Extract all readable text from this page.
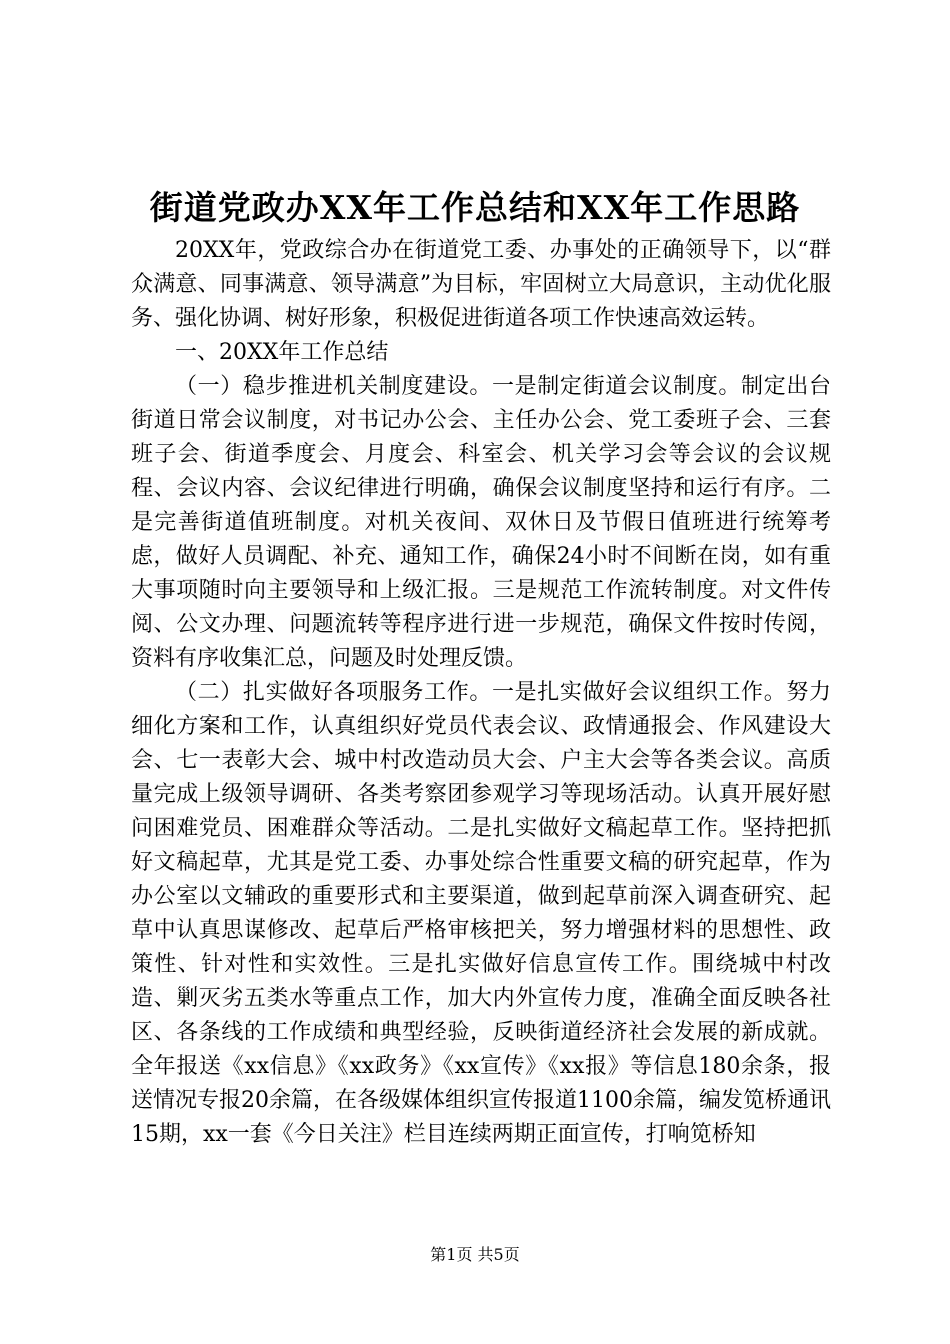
街道党政办XX年工作总结和XX年工作思路

20XX年，党政综合办在街道党工委、办事处的正确领导下，以“群众满意、同事满意、领导满意”为目标，牢固树立大局意识，主动优化服务、强化协调、树好形象，积极促进街道各项工作快速高效运转。

一、20XX年工作总结

（一）稳步推进机关制度建设。一是制定街道会议制度。制定出台街道日常会议制度，对书记办公会、主任办公会、党工委班子会、三套班子会、街道季度会、月度会、科室会、机关学习会等会议的会议规程、会议内容、会议纪律进行明确，确保会议制度坚持和运行有序。二是完善街道值班制度。对机关夜间、双休日及节假日值班进行统筹考虑，做好人员调配、补充、通知工作，确保24小时不间断在岗，如有重大事项随时向主要领导和上级汇报。三是规范工作流转制度。对文件传阅、公文办理、问题流转等程序进行进一步规范，确保文件按时传阅，资料有序收集汇总，问题及时处理反馈。

（二）扎实做好各项服务工作。一是扎实做好会议组织工作。努力细化方案和工作，认真组织好党员代表会议、政情通报会、作风建设大会、七一表彰大会、城中村改造动员大会、户主大会等各类会议。高质量完成上级领导调研、各类考察团参观学习等现场活动。认真开展好慰问困难党员、困难群众等活动。二是扎实做好文稿起草工作。坚持把抓好文稿起草，尤其是党工委、办事处综合性重要文稿的研究起草，作为办公室以文辅政的重要形式和主要渠道，做到起草前深入调查研究、起草中认真思谋修改、起草后严格审核把关，努力增强材料的思想性、政策性、针对性和实效性。三是扎实做好信息宣传工作。围绕城中村改造、剿灭劣五类水等重点工作，加大内外宣传力度，准确全面反映各社区、各条线的工作成绩和典型经验，反映街道经济社会发展的新成就。全年报送《xx信息》《xx政务》《xx宣传》《xx报》等信息180余条，报送情况专报20余篇，在各级媒体组织宣传报道1100余篇，编发笕桥通讯15期，xx一套《今日关注》栏目连续两期正面宣传，打响笕桥知

第1页 共5页
